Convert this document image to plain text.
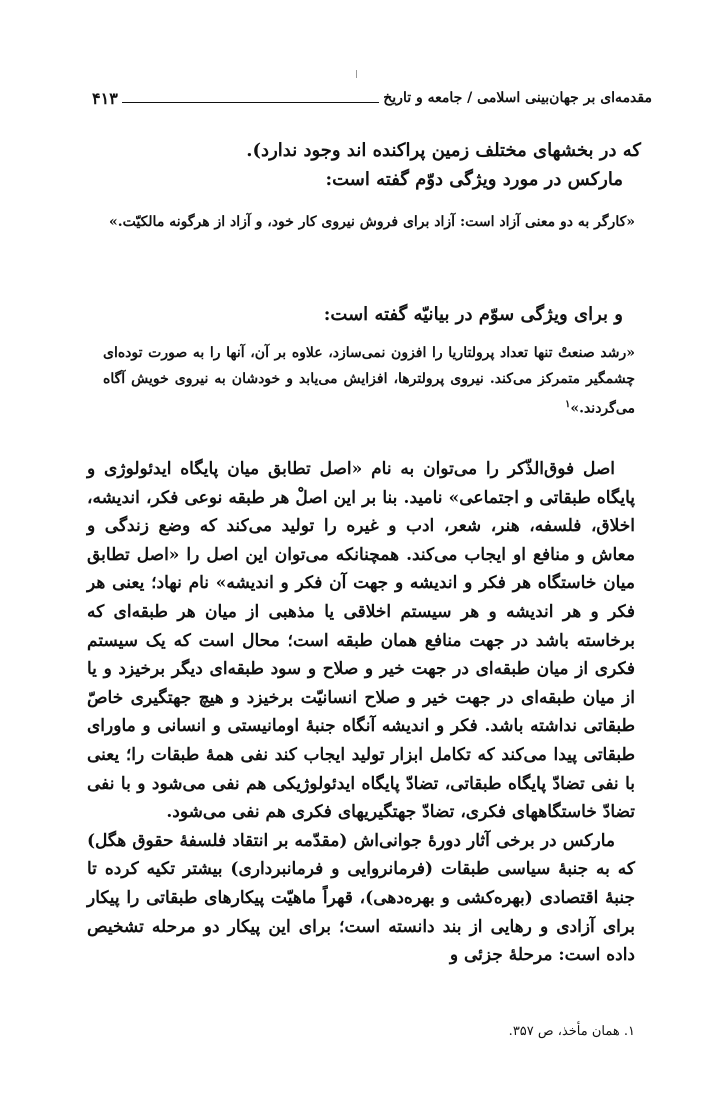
مقدمه‌ای بر جهان‌بینی اسلامی / جامعه و تاریخ
۴۱۳

که در بخشهای مختلف زمین پراکنده اند وجود ندارد).

مارکس در مورد ویژگی دوّم گفته است:

«کارگر به دو معنی آزاد است: آزاد برای فروش نیروی کار خود، و آزاد از هرگونه مالکیّت.»

و برای ویژگی سوّم در بیانیّه گفته است:

«رشد صنعتْ تنها تعداد پرولتاریا را افزون نمی‌سازد، علاوه بر آن، آنها را به صورت توده‌ای چشمگیر متمرکز می‌کند. نیروی پرولترها، افزایش می‌یابد و خودشان به نیروی خویش آگاه می‌گردند.»$^۱$

اصل فوق‌الذّکر را می‌توان به نام «اصل تطابق میان پایگاه ایدئولوژی و پایگاه طبقاتی و اجتماعی» نامید. بنا بر این اصلْ هر طبقه نوعی فکر، اندیشه، اخلاق، فلسفه، هنر، شعر، ادب و غیره را تولید می‌کند که وضع زندگی و معاش و منافع او ایجاب می‌کند. همچنانکه می‌توان این اصل را «اصل تطابق میان خاستگاه هر فکر و اندیشه و جهت آن فکر و اندیشه» نام نهاد؛ یعنی هر فکر و هر اندیشه و هر سیستم اخلاقی یا مذهبی از میان هر طبقه‌ای که برخاسته باشد در جهت منافع همان طبقه است؛ محال است که یک سیستم فکری از میان طبقه‌ای در جهت خیر و صلاح و سود طبقه‌ای دیگر برخیزد و یا از میان طبقه‌ای در جهت خیر و صلاح انسانیّت برخیزد و هیچ جهتگیری خاصّ طبقاتی نداشته باشد. فکر و اندیشه آنگاه جنبهٔ اومانیستی و انسانی و ماورای طبقاتی پیدا می‌کند که تکامل ابزار تولید ایجاب کند نفی همهٔ طبقات را؛ یعنی با نفی تضادّ پایگاه طبقاتی، تضادّ پایگاه ایدئولوژیکی هم نفی می‌شود و با نفی تضادّ خاستگاههای فکری، تضادّ جهتگیریهای فکری هم نفی می‌شود.

مارکس در برخی آثار دورهٔ جوانی‌اش (مقدّمه بر انتقاد فلسفهٔ حقوق هگل) که به جنبهٔ سیاسی طبقات (فرمانروایی و فرمانبرداری) بیشتر تکیه کرده تا جنبهٔ اقتصادی (بهره‌کشی و بهره‌دهی)، قهراً ماهیّت پیکارهای طبقاتی را پیکار برای آزادی و رهایی از بند دانسته است؛ برای این پیکار دو مرحله تشخیص داده است: مرحلهٔ جزئی و

۱. همان مأخذ، ص ۳۵۷.
